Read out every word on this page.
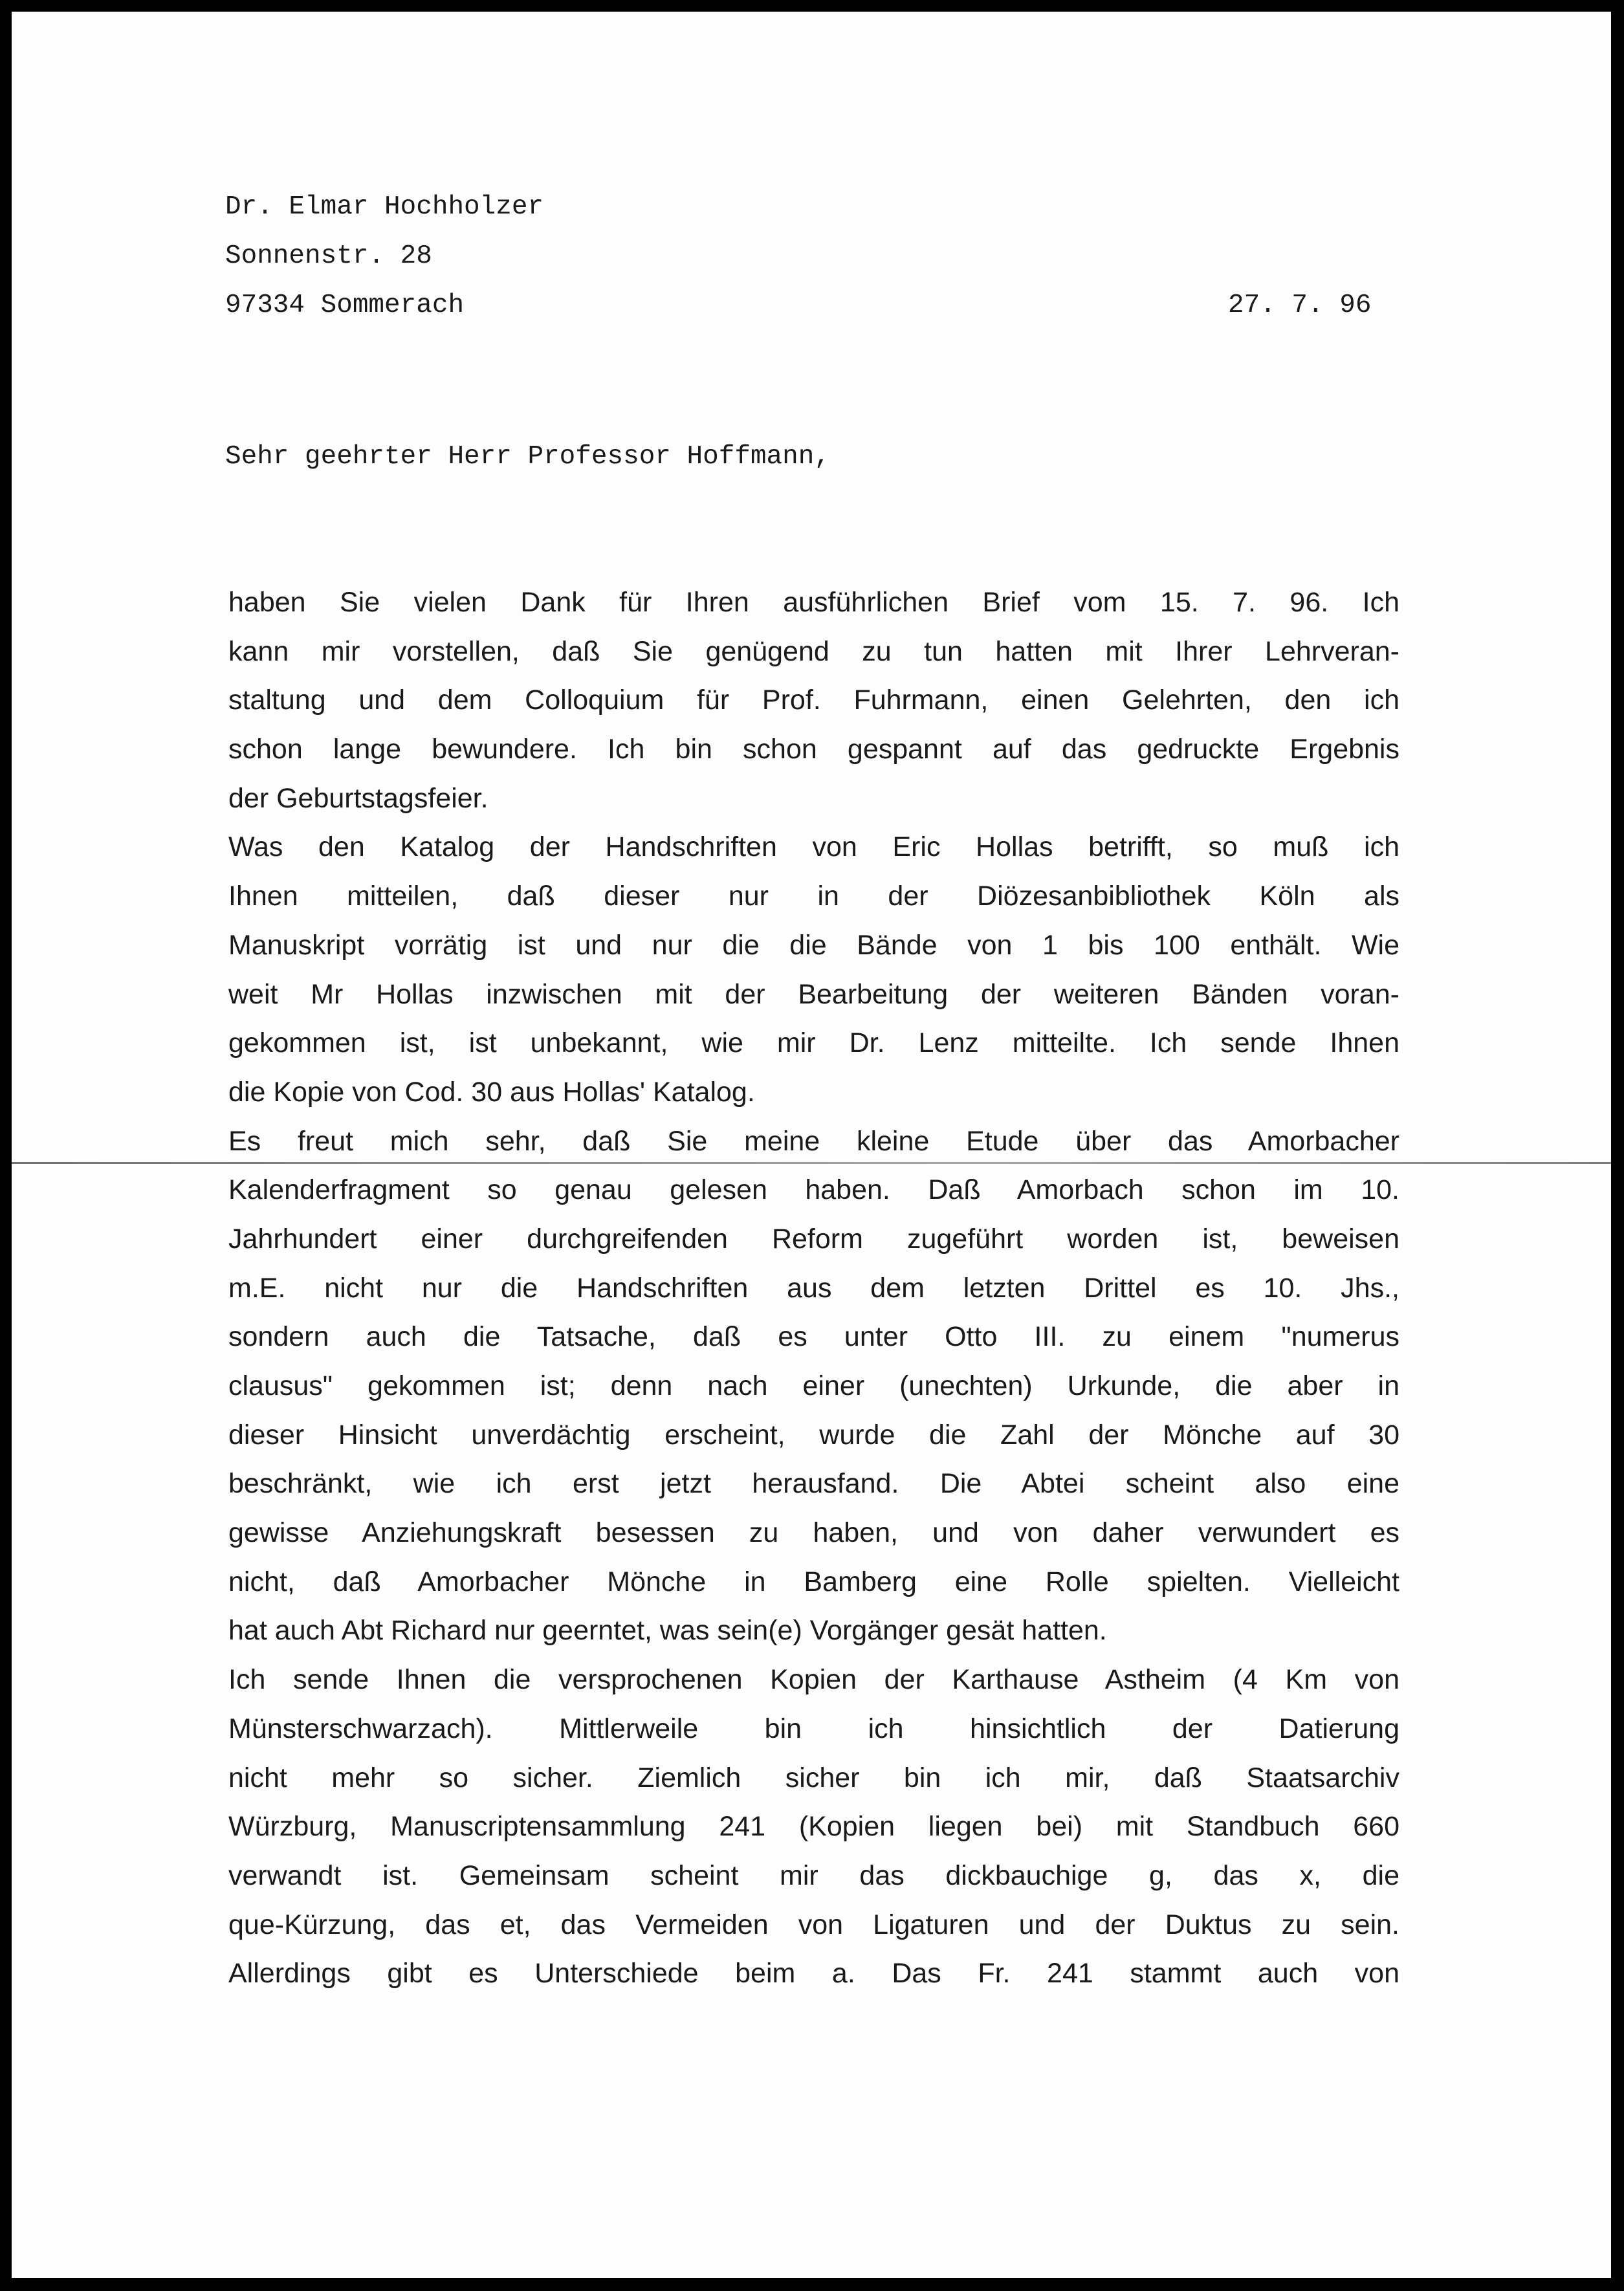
Dr. Elmar Hochholzer
Sonnenstr. 28
97334 Sommerach	27. 7. 96
Sehr geehrter Herr Professor Hoffmann,
haben Sie vielen Dank für Ihren ausführlichen Brief vom 15. 7. 96. Ich
kann mir vorstellen, daß Sie genügend zu tun hatten mit Ihrer Lehrveran-
staltung und dem Colloquium für Prof. Fuhrmann, einen Gelehrten, den ich
schon lange bewundere. Ich bin schon gespannt auf das gedruckte Ergebnis
der Geburtstagsfeier.
Was den Katalog der Handschriften von Eric Hollas betrifft, so muß ich
Ihnen mitteilen, daß dieser nur in der Diözesanbibliothek Köln als
Manuskript vorrätig ist und nur die die Bände von 1 bis 100 enthält. Wie
weit Mr Hollas inzwischen mit der Bearbeitung der weiteren Bänden voran-
gekommen ist, ist unbekannt, wie mir Dr. Lenz mitteilte. Ich sende Ihnen
die Kopie von Cod. 30 aus Hollas' Katalog.
Es freut mich sehr, daß Sie meine kleine Etude über das Amorbacher
Kalenderfragment so genau gelesen haben. Daß Amorbach schon im 10.
Jahrhundert einer durchgreifenden Reform zugeführt worden ist, beweisen
m.E. nicht nur die Handschriften aus dem letzten Drittel es 10. Jhs.,
sondern auch die Tatsache, daß es unter Otto III. zu einem "numerus
clausus" gekommen ist; denn nach einer (unechten) Urkunde, die aber in
dieser Hinsicht unverdächtig erscheint, wurde die Zahl der Mönche auf 30
beschränkt, wie ich erst jetzt herausfand. Die Abtei scheint also eine
gewisse Anziehungskraft besessen zu haben, und von daher verwundert es
nicht, daß Amorbacher Mönche in Bamberg eine Rolle spielten. Vielleicht
hat auch Abt Richard nur geerntet, was sein(e) Vorgänger gesät hatten.
Ich sende Ihnen die versprochenen Kopien der Karthause Astheim (4 Km von
Münsterschwarzach). Mittlerweile bin ich hinsichtlich der Datierung
nicht mehr so sicher. Ziemlich sicher bin ich mir, daß Staatsarchiv
Würzburg, Manuscriptensammlung 241 (Kopien liegen bei) mit Standbuch 660
verwandt ist. Gemeinsam scheint mir das dickbauchige g, das x, die
que-Kürzung, das et, das Vermeiden von Ligaturen und der Duktus zu sein.
Allerdings gibt es Unterschiede beim a. Das Fr. 241 stammt auch von
